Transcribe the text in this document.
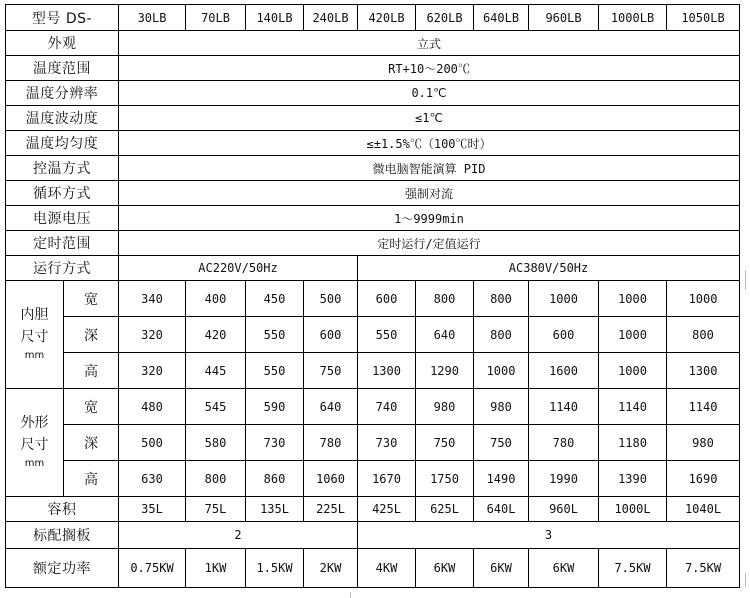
型号 DS-		30LB	70LB	140LB	240LB	420LB	620LB	640LB	960LB	1000LB	1050LB
外观		立式									
温度范围		RT+10～200℃									
温度分辨率		0.1℃									
温度波动度		≤1℃									
温度均匀度		≤±1.5%℃（100℃时）									
控温方式		微电脑智能演算 PID									
循环方式		强制对流									
电源电压		1～9999min									
定时范围		定时运行/定值运行									
运行方式		AC220V/50Hz				AC380V/50Hz					

内胆
尺寸
mm	宽	340	400	450	500	600	800	800	1000	1000	1000
	深	320	420	550	600	550	640	800	600	1000	800
	高	320	445	550	750	1300	1290	1000	1600	1000	1300

外形
尺寸
mm	宽	480	545	590	640	740	980	980	1140	1140	1140
	深	500	580	730	780	730	750	750	780	1180	980
	高	630	800	860	1060	1670	1750	1490	1990	1390	1690
容积		35L	75L	135L	225L	425L	625L	640L	960L	1000L	1040L
标配搁板		2				3					
额定功率		0.75KW	1KW	1.5KW	2KW	4KW	6KW	6KW	6KW	7.5KW	7.5KW
